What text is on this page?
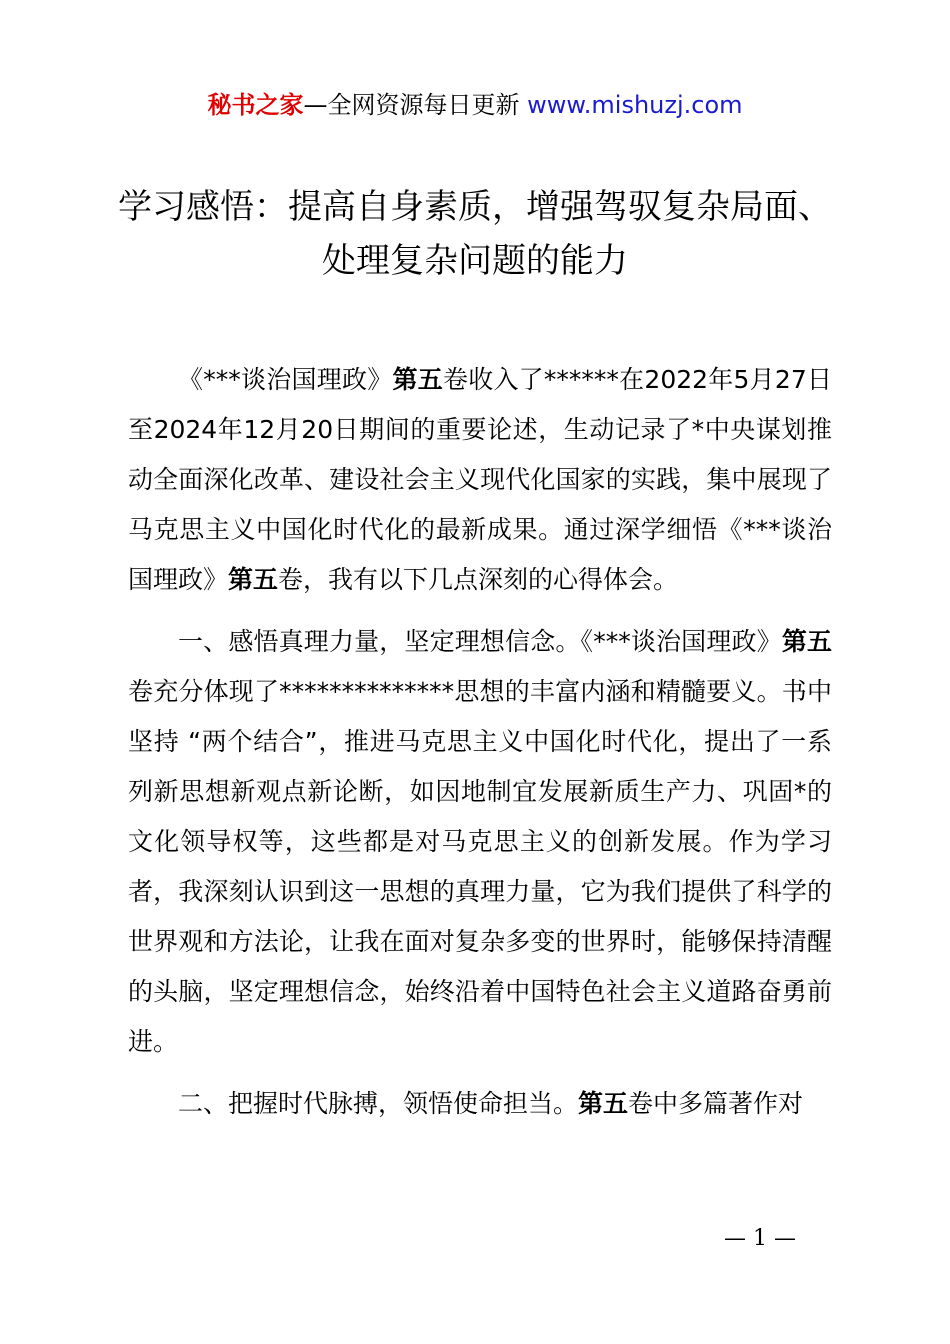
秘书之家—全网资源每日更新 www.mishuzj.com
学习感悟：提高自身素质，增强驾驭复杂局面、
处理复杂问题的能力

《***谈治国理政》第五卷收入了******在2022年5月27日至2024年12月20日期间的重要论述，生动记录了*中央谋划推动全面深化改革、建设社会主义现代化国家的实践，集中展现了马克思主义中国化时代化的最新成果。通过深学细悟《***谈治国理政》第五卷，我有以下几点深刻的心得体会。

一、感悟真理力量，坚定理想信念。《***谈治国理政》第五卷充分体现了**************思想的丰富内涵和精髓要义。书中坚持 “两个结合”，推进马克思主义中国化时代化，提出了一系列新思想新观点新论断，如因地制宜发展新质生产力、巩固*的文化领导权等，这些都是对马克思主义的创新发展。作为学习者，我深刻认识到这一思想的真理力量，它为我们提供了科学的世界观和方法论，让我在面对复杂多变的世界时，能够保持清醒的头脑，坚定理想信念，始终沿着中国特色社会主义道路奋勇前进。

二、把握时代脉搏，领悟使命担当。第五卷中多篇著作对

— 1 —
